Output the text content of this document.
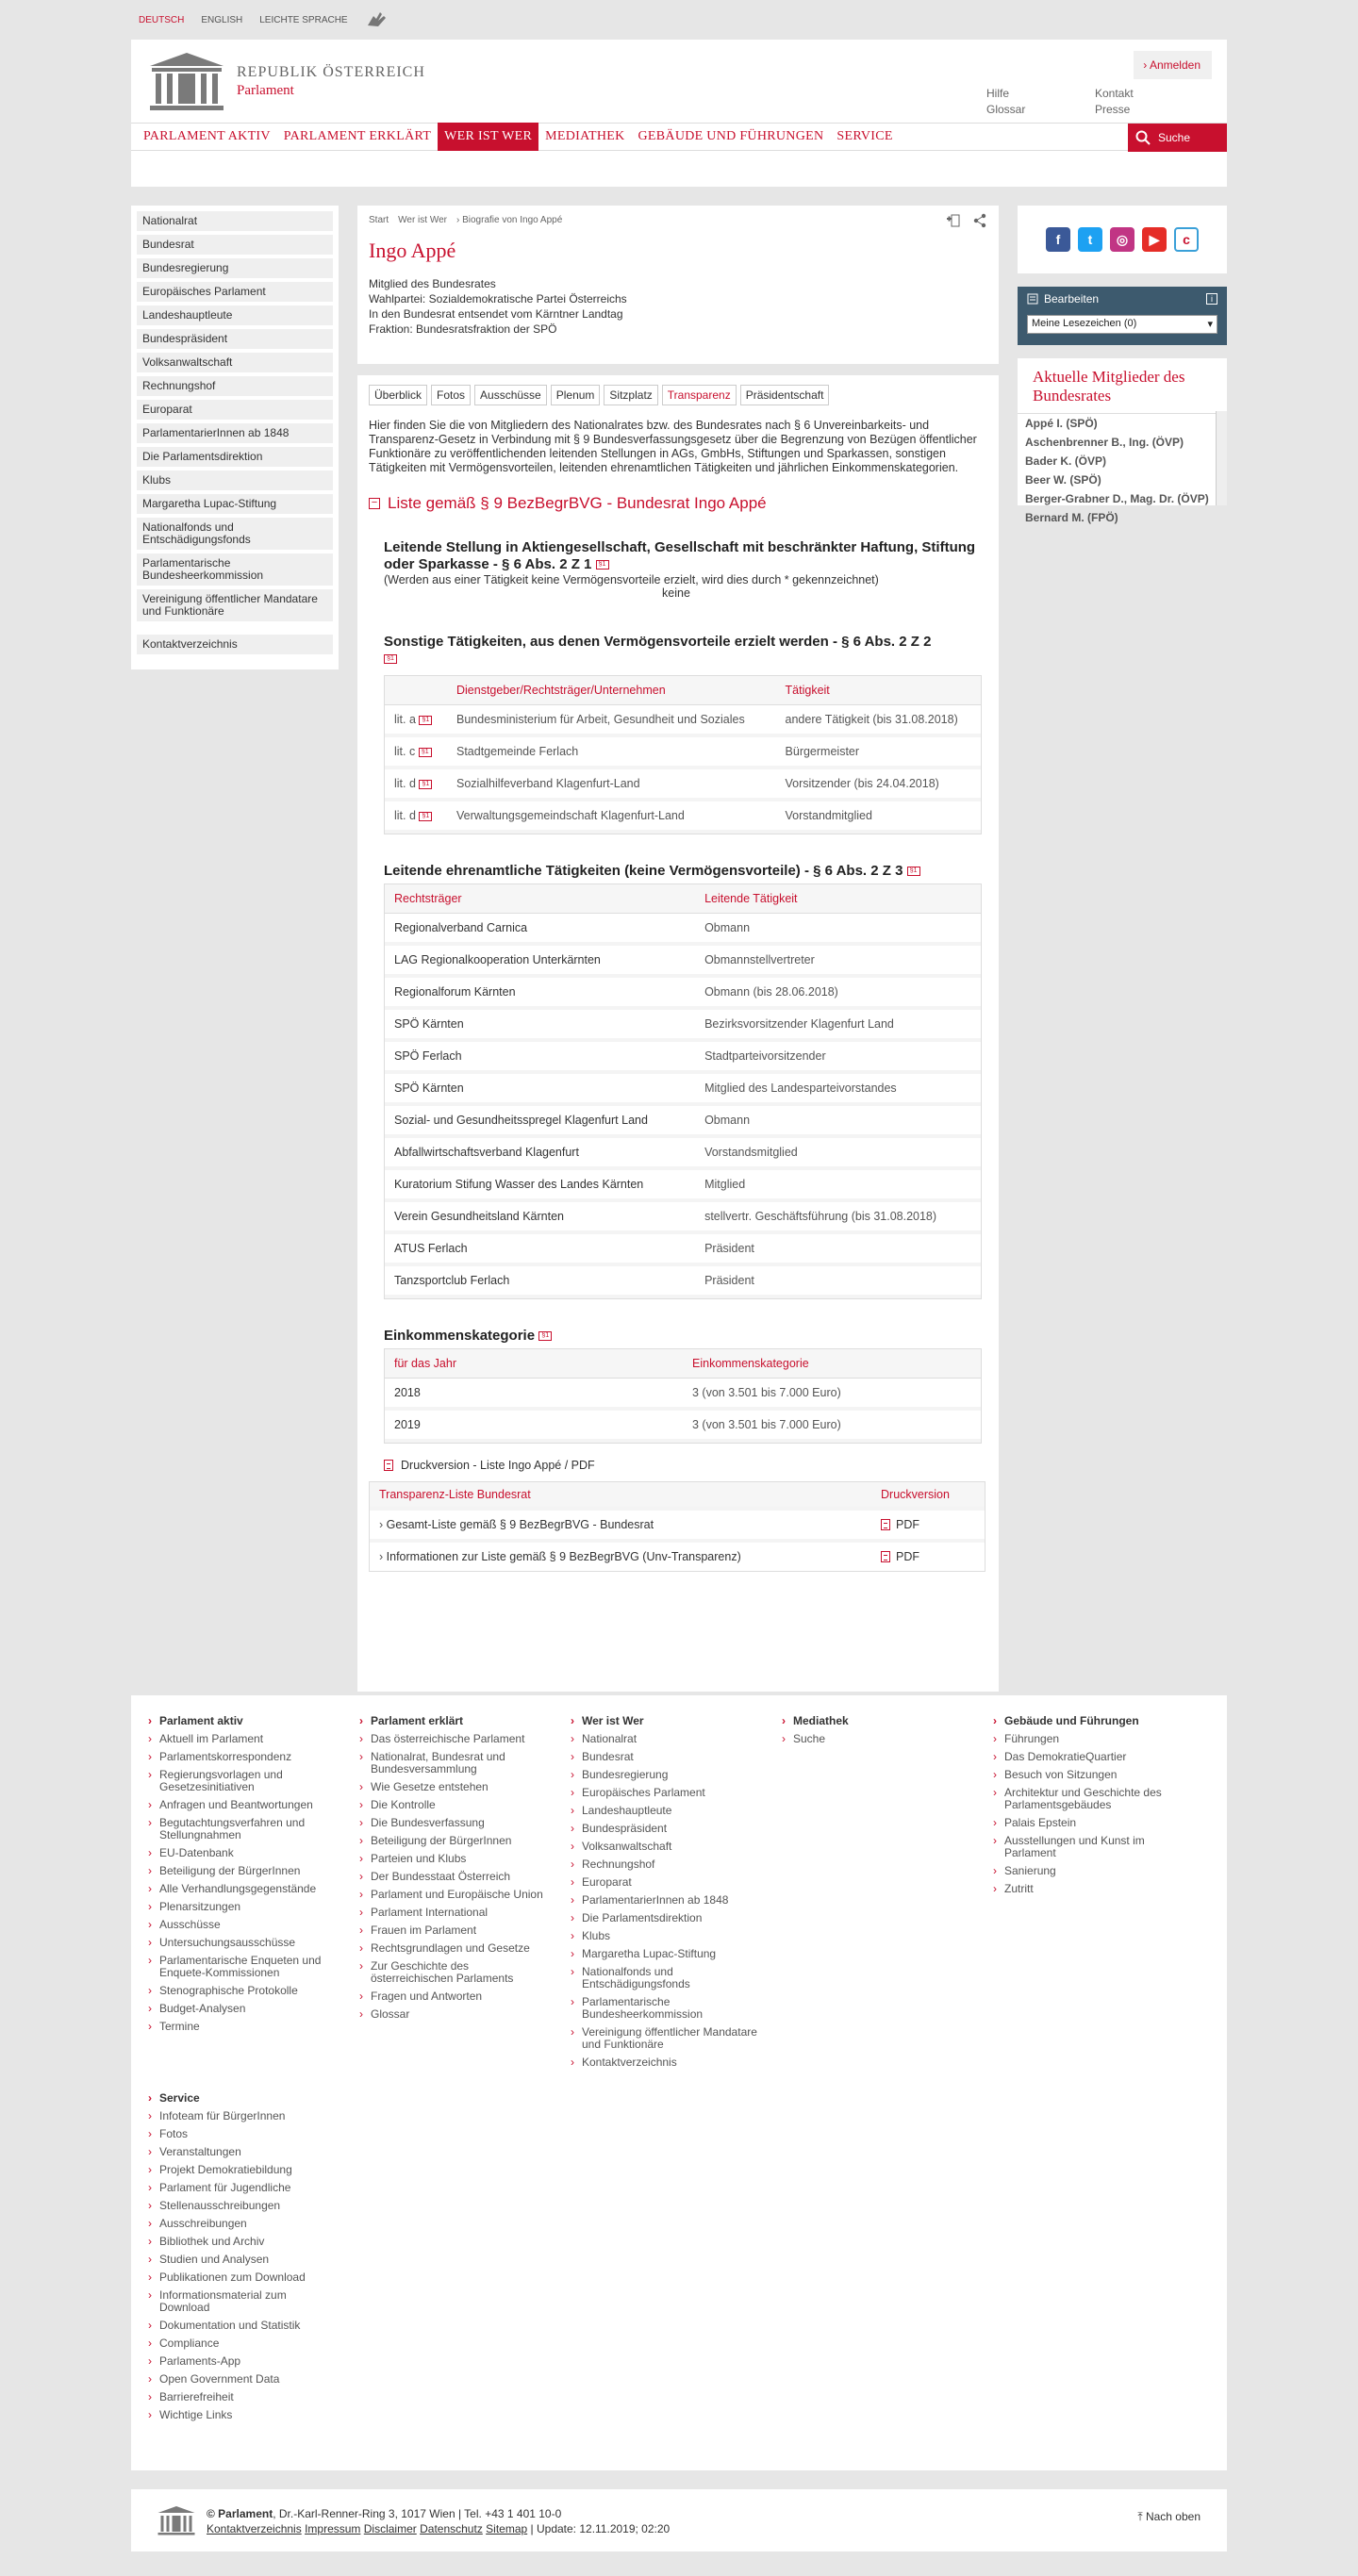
DEUTSCH ENGLISH LEICHTE SPRACHE
REPUBLIK ÖSTERREICH
Parlament
› Anmelden
Hilfe	Kontakt
Glossar	Presse
PARLAMENT AKTIV	PARLAMENT ERKLÄRT	WER IST WER	MEDIATHEK	GEBÄUDE UND FÜHRUNGEN	SERVICE	Suche
Nationalrat
Bundesrat
Bundesregierung
Europäisches Parlament
Landeshauptleute
Bundespräsident
Volksanwaltschaft
Rechnungshof
Europarat
ParlamentarierInnen ab 1848
Die Parlamentsdirektion
Klubs
Margaretha Lupac-Stiftung
Nationalfonds und Entschädigungsfonds
Parlamentarische Bundesheerkommission
Vereinigung öffentlicher Mandatare und Funktionäre
Kontaktverzeichnis
Start Wer ist Wer	› Biografie von Ingo Appé
Ingo Appé
Mitglied des Bundesrates
Wahlpartei: Sozialdemokratische Partei Österreichs
In den Bundesrat entsendet vom Kärntner Landtag
Fraktion: Bundesratsfraktion der SPÖ
Überblick	Fotos	Ausschüsse	Plenum	Sitzplatz	Transparenz	Präsidentschaft

Hier finden Sie die von Mitgliedern des Nationalrates bzw. des Bundesrates nach § 6 Unvereinbarkeits- und Transparenz-Gesetz in Verbindung mit § 9 Bundesverfassungsgesetz über die Begrenzung von Bezügen öffentlicher Funktionäre zu veröffentlichenden leitenden Stellungen in AGs, GmbHs, Stiftungen und Sparkassen, sonstigen Tätigkeiten mit Vermögensvorteilen, leitenden ehrenamtlichen Tätigkeiten und jährlichen Einkommenskategorien.

− Liste gemäß § 9 BezBegrBVG - Bundesrat Ingo Appé
Leitende Stellung in Aktiengesellschaft, Gesellschaft mit beschränkter Haftung, Stiftung oder Sparkasse - § 6 Abs. 2 Z 1 §1
(Werden aus einer Tätigkeit keine Vermögensvorteile erzielt, wird dies durch * gekennzeichnet)
keine
Sonstige Tätigkeiten, aus denen Vermögensvorteile erzielt werden - § 6 Abs. 2 Z 2
§1
	Dienstgeber/Rechtsträger/Unternehmen	Tätigkeit
lit. a §1	Bundesministerium für Arbeit, Gesundheit und Soziales	andere Tätigkeit (bis 31.08.2018)
lit. c §1	Stadtgemeinde Ferlach	Bürgermeister
lit. d §1	Sozialhilfeverband Klagenfurt-Land	Vorsitzender (bis 24.04.2018)
lit. d §1	Verwaltungsgemeindschaft Klagenfurt-Land	Vorstandmitglied
Leitende ehrenamtliche Tätigkeiten (keine Vermögensvorteile) - § 6 Abs. 2 Z 3 §1
Rechtsträger	Leitende Tätigkeit
Regionalverband Carnica	Obmann
LAG Regionalkooperation Unterkärnten	Obmannstellvertreter
Regionalforum Kärnten	Obmann (bis 28.06.2018)
SPÖ Kärnten	Bezirksvorsitzender Klagenfurt Land
SPÖ Ferlach	Stadtparteivorsitzender
SPÖ Kärnten	Mitglied des Landesparteivorstandes
Sozial- und Gesundheitsspregel Klagenfurt Land	Obmann
Abfallwirtschaftsverband Klagenfurt	Vorstandsmitglied
Kuratorium Stifung Wasser des Landes Kärnten	Mitglied
Verein Gesundheitsland Kärnten	stellvertr. Geschäftsführung (bis 31.08.2018)
ATUS Ferlach	Präsident
Tanzsportclub Ferlach	Präsident
Einkommenskategorie §1
für das Jahr	Einkommenskategorie
2018	3 (von 3.501 bis 7.000 Euro)
2019	3 (von 3.501 bis 7.000 Euro)
Druckversion - Liste Ingo Appé / PDF
Transparenz-Liste Bundesrat	Druckversion
› Gesamt-Liste gemäß § 9 BezBegrBVG - Bundesrat	PDF
› Informationen zur Liste gemäß § 9 BezBegrBVG (Unv-Transparenz)	PDF
f	t	◎	▶	c
Bearbeiten	i
Meine Lesezeichen (0) ▾
Aktuelle Mitglieder des Bundesrates
Appé I. (SPÖ)
Aschenbrenner B., Ing. (ÖVP)
Bader K. (ÖVP)
Beer W. (SPÖ)
Berger-Grabner D., Mag. Dr. (ÖVP)
Bernard M. (FPÖ)
› Parlament aktiv
› Aktuell im Parlament
› Parlamentskorrespondenz
› Regierungsvorlagen und Gesetzesinitiativen
› Anfragen und Beantwortungen
› Begutachtungsverfahren und Stellungnahmen
› EU-Datenbank
› Beteiligung der BürgerInnen
› Alle Verhandlungsgegenstände
› Plenarsitzungen
› Ausschüsse
› Untersuchungsausschüsse
› Parlamentarische Enqueten und Enquete-Kommissionen
› Stenographische Protokolle
› Budget-Analysen
› Termine
› Parlament erklärt
› Das österreichische Parlament
› Nationalrat, Bundesrat und Bundesversammlung
› Wie Gesetze entstehen
› Die Kontrolle
› Die Bundesverfassung
› Beteiligung der BürgerInnen
› Parteien und Klubs
› Der Bundesstaat Österreich
› Parlament und Europäische Union
› Parlament International
› Frauen im Parlament
› Rechtsgrundlagen und Gesetze
› Zur Geschichte des österreichischen Parlaments
› Fragen und Antworten
› Glossar
› Wer ist Wer
› Nationalrat
› Bundesrat
› Bundesregierung
› Europäisches Parlament
› Landeshauptleute
› Bundespräsident
› Volksanwaltschaft
› Rechnungshof
› Europarat
› ParlamentarierInnen ab 1848
› Die Parlamentsdirektion
› Klubs
› Margaretha Lupac-Stiftung
› Nationalfonds und Entschädigungsfonds
› Parlamentarische Bundesheerkommission
› Vereinigung öffentlicher Mandatare und Funktionäre
› Kontaktverzeichnis
› Mediathek
› Suche
› Gebäude und Führungen
› Führungen
› Das DemokratieQuartier
› Besuch von Sitzungen
› Architektur und Geschichte des Parlamentsgebäudes
› Palais Epstein
› Ausstellungen und Kunst im Parlament
› Sanierung
› Zutritt
› Service
› Infoteam für BürgerInnen
› Fotos
› Veranstaltungen
› Projekt Demokratiebildung
› Parlament für Jugendliche
› Stellenausschreibungen
› Ausschreibungen
› Bibliothek und Archiv
› Studien und Analysen
› Publikationen zum Download
› Informationsmaterial zum Download
› Dokumentation und Statistik
› Compliance
› Parlaments-App
› Open Government Data
› Barrierefreiheit
› Wichtige Links
© Parlament, Dr.-Karl-Renner-Ring 3, 1017 Wien | Tel. +43 1 401 10-0
Kontaktverzeichnis Impressum Disclaimer Datenschutz Sitemap | Update: 12.11.2019; 02:20
⤒ Nach oben
